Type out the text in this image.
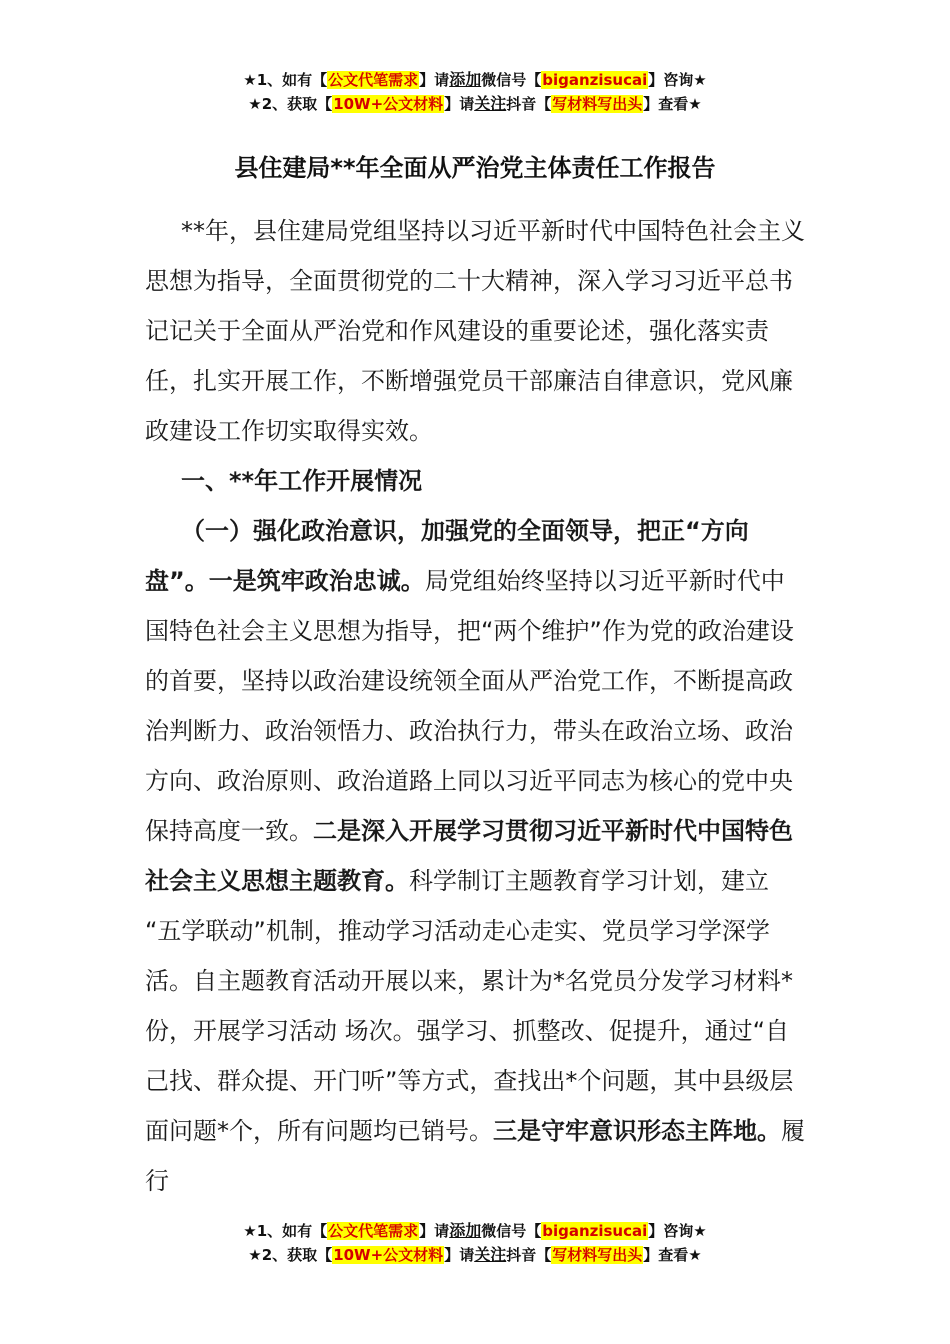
★1、如有【公文代笔需求】请添加微信号【biganzisucai】咨询★
★2、获取【10W+公文材料】请关注抖音【写材料写出头】查看★
县住建局**年全面从严治党主体责任工作报告

**年，县住建局党组坚持以习近平新时代中国特色社会主义思想为指导，全面贯彻党的二十大精神，深入学习习近平总书记记关于全面从严治党和作风建设的重要论述，强化落实责任，扎实开展工作，不断增强党员干部廉洁自律意识，党风廉政建设工作切实取得实效。

一、**年工作开展情况

（一）强化政治意识，加强党的全面领导，把正“方向盘”。一是筑牢政治忠诚。局党组始终坚持以习近平新时代中国特色社会主义思想为指导，把“两个维护”作为党的政治建设的首要，坚持以政治建设统领全面从严治党工作，不断提高政治判断力、政治领悟力、政治执行力，带头在政治立场、政治方向、政治原则、政治道路上同以习近平同志为核心的党中央保持高度一致。二是深入开展学习贯彻习近平新时代中国特色社会主义思想主题教育。科学制订主题教育学习计划，建立 “五学联动”机制，推动学习活动走心走实、党员学习学深学活。自主题教育活动开展以来，累计为*名党员分发学习材料*份，开展学习活动 场次。强学习、抓整改、促提升，通过“自己找、群众提、开门听”等方式，查找出*个问题，其中县级层面问题*个，所有问题均已销号。三是守牢意识形态主阵地。履行

★1、如有【公文代笔需求】请添加微信号【biganzisucai】咨询★
★2、获取【10W+公文材料】请关注抖音【写材料写出头】查看★
